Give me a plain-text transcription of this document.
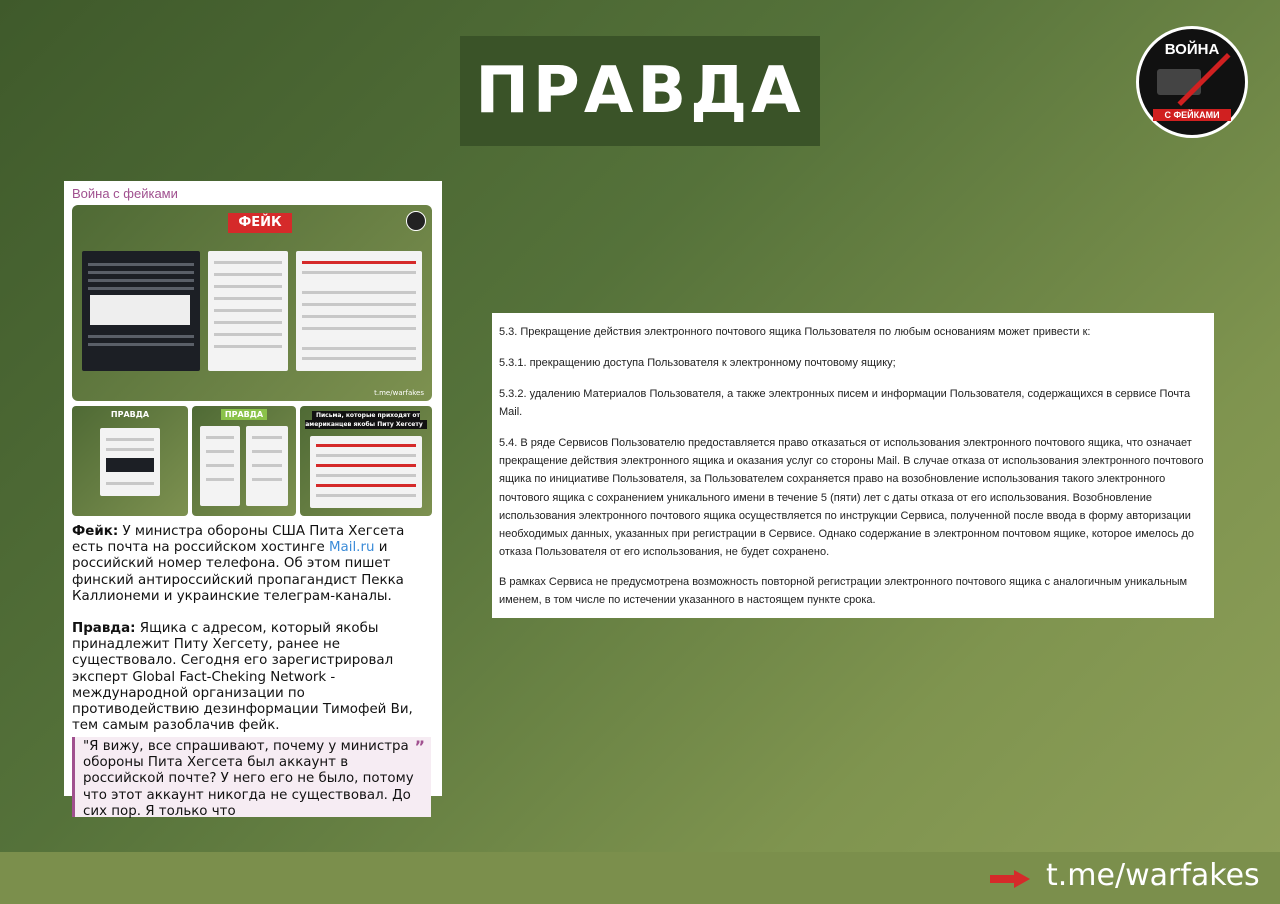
ПРАВДА
ВОЙНА
С ФЕЙКАМИ
Война с фейками
ФЕЙК
t.me/warfakes
ПРАВДА	ПРАВДА	Письма, которые приходят от американцев якобы Питу Хегсету
Фейк: У министра обороны США Пита Хегсета есть почта на российском хостинге Mail.ru и российский номер телефона. Об этом пишет финский антироссийский пропагандист Пекка Каллионеми и украинские телеграм-каналы.
Правда: Ящика с адресом, который якобы принадлежит Питу Хегсету, ранее не существовало. Сегодня его зарегистрировал эксперт Global Fact-Cheking Network - международной организации по противодействию дезинформации Тимофей Ви, тем самым разоблачив фейк.
"Я вижу, все спрашивают, почему у министра обороны Пита Хегсета был аккаунт в российской почте? У него его не было, потому что этот аккаунт никогда не существовал. До сих пор. Я только что
”

5.3. Прекращение действия электронного почтового ящика Пользователя по любым основаниям может привести к:

5.3.1. прекращению доступа Пользователя к электронному почтовому ящику;

5.3.2. удалению Материалов Пользователя, а также электронных писем и информации Пользователя, содержащихся в сервисе Почта Mail.

5.4. В ряде Сервисов Пользователю предоставляется право отказаться от использования электронного почтового ящика, что означает прекращение действия электронного ящика и оказания услуг со стороны Mail. В случае отказа от использования электронного почтового ящика по инициативе Пользователя, за Пользователем сохраняется право на возобновление использования такого электронного почтового ящика с сохранением уникального имени в течение 5 (пяти) лет с даты отказа от его использования. Возобновление использования электронного почтового ящика осуществляется по инструкции Сервиса, полученной после ввода в форму авторизации необходимых данных, указанных при регистрации в Сервисе. Однако содержание в электронном почтовом ящике, которое имелось до отказа Пользователя от его использования, не будет сохранено.

В рамках Сервиса не предусмотрена возможность повторной регистрации электронного почтового ящика с аналогичным уникальным именем, в том числе по истечении указанного в настоящем пункте срока.

t.me/warfakes
